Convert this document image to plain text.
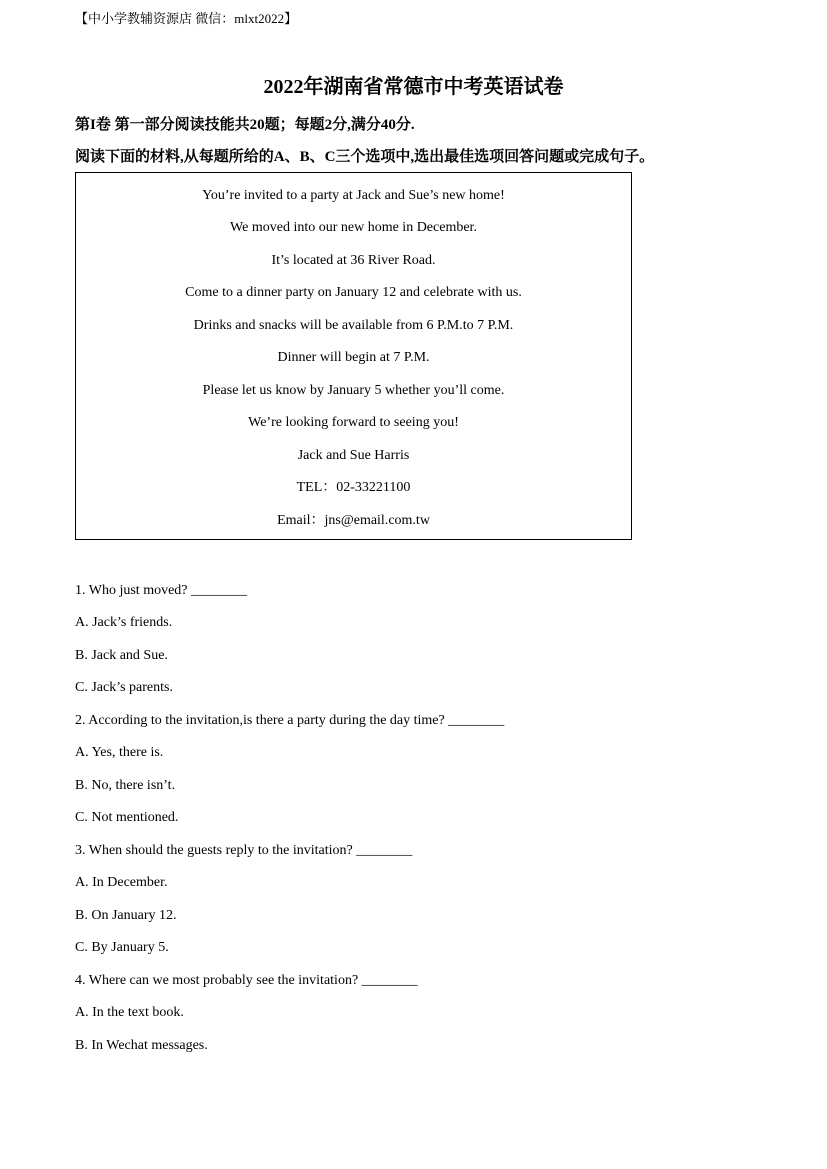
【中小学教辅资源店 微信：mlxt2022】
2022年湖南省常德市中考英语试卷
第I卷 第一部分阅读技能共20题；每题2分,满分40分.
阅读下面的材料,从每题所给的A、B、C三个选项中,选出最佳选项回答问题或完成句子。
You’re invited to a party at Jack and Sue’s new home!
We moved into our new home in December.
It’s located at 36 River Road.
Come to a dinner party on January 12 and celebrate with us.
Drinks and snacks will be available from 6 P.M.to 7 P.M.
Dinner will begin at 7 P.M.
Please let us know by January 5 whether you’ll come.
We’re looking forward to seeing you!
Jack and Sue Harris
TEL：02-33221100
Email：jns@email.com.tw
1. Who just moved? ________
A. Jack’s friends.
B. Jack and Sue.
C. Jack’s parents.
2. According to the invitation,is there a party during the day time? ________
A. Yes, there is.
B. No, there isn’t.
C. Not mentioned.
3. When should the guests reply to the invitation? ________
A. In December.
B. On January 12.
C. By January 5.
4. Where can we most probably see the invitation? ________
A. In the text book.
B. In Wechat messages.
